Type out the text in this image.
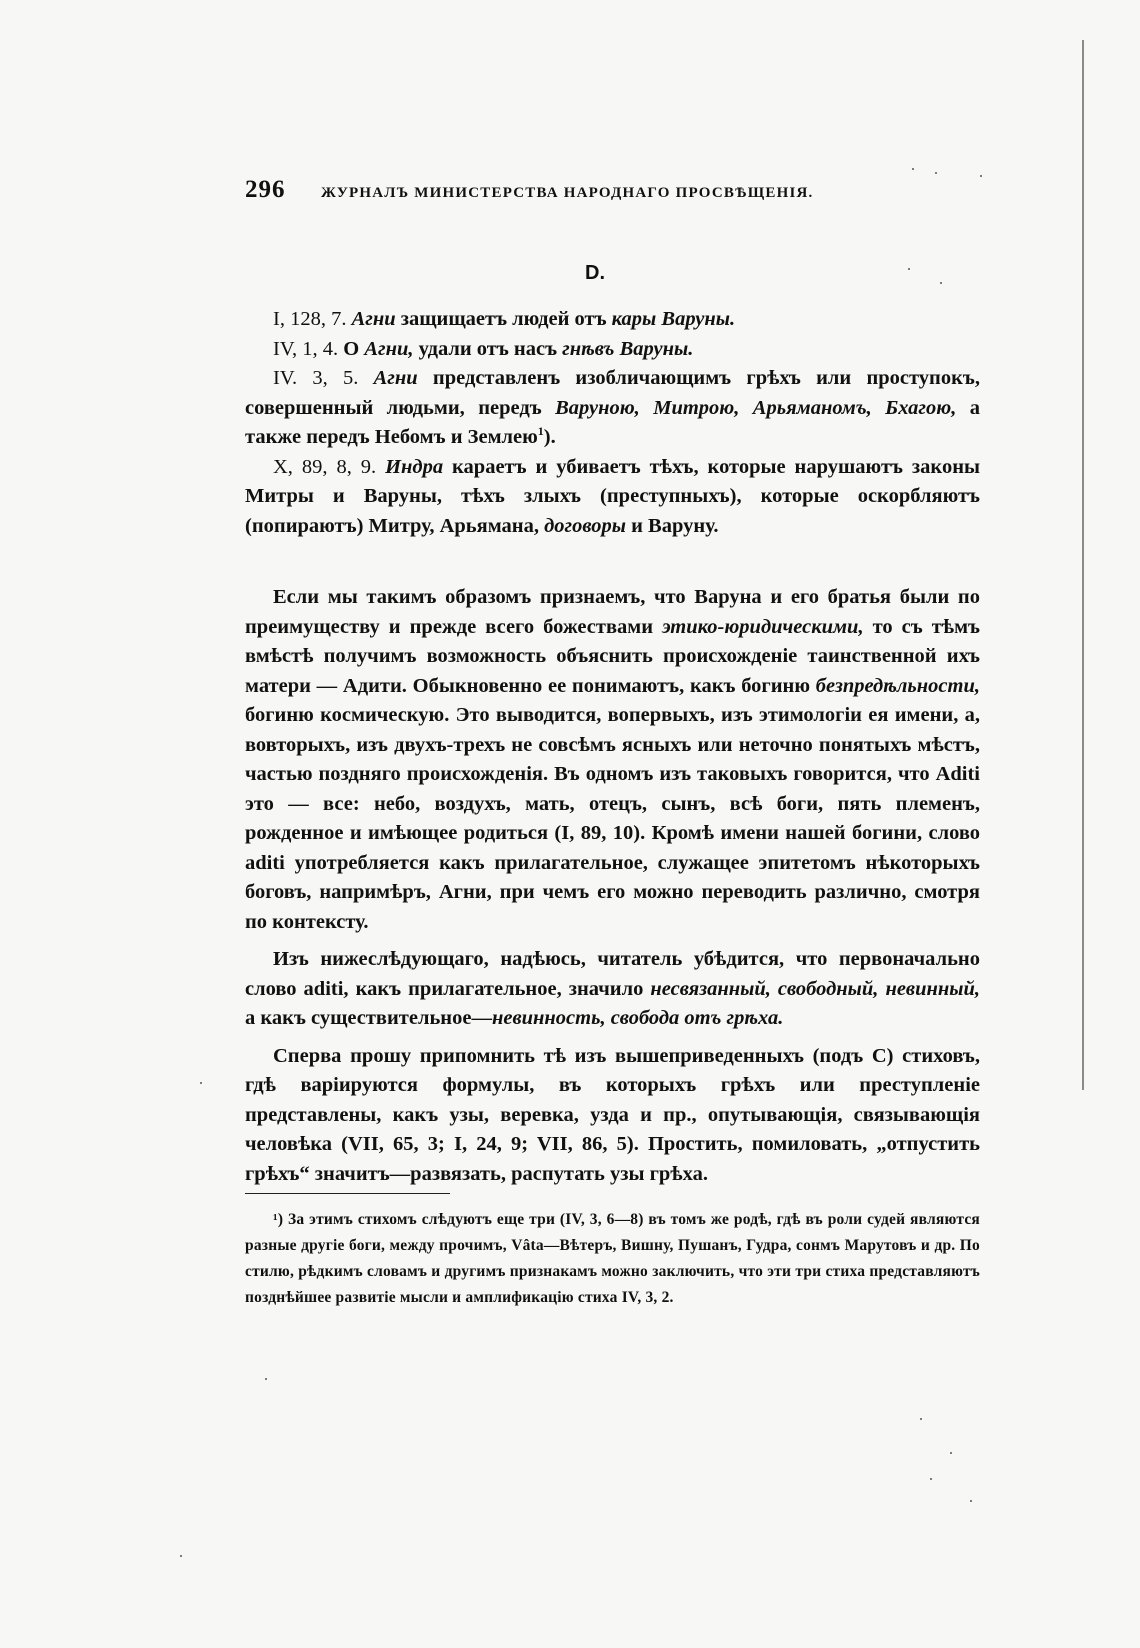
296	ЖУРНАЛЪ МИНИСТЕРСТВА НАРОДНАГО ПРОСВѢЩЕНІЯ.
D.

I, 128, 7. Агни защищаетъ людей отъ кары Варуны.

IV, 1, 4. О Агни, удали отъ насъ гнѣвъ Варуны.

IV. 3, 5. Агни представленъ изобличающимъ грѣхъ или проступокъ, совершенный людьми, передъ Варуною, Митрою, Арьяманомъ, Бхагою, а также передъ Небомъ и Землею$^1$).

X, 89, 8, 9. Индра караетъ и убиваетъ тѣхъ, которые нарушаютъ законы Митры и Варуны, тѣхъ злыхъ (преступныхъ), которые оскорбляютъ (попираютъ) Митру, Арьямана, договоры и Варуну.

Если мы такимъ образомъ признаемъ, что Варуна и его братья были по преимуществу и прежде всего божествами этико-юридическими, то съ тѣмъ вмѣстѣ получимъ возможность объяснить происхожденіе таинственной ихъ матери — Адити. Обыкновенно ее понимаютъ, какъ богиню безпредѣльности, богиню космическую. Это выводится, вопервыхъ, изъ этимологіи ея имени, а, вовторыхъ, изъ двухъ-трехъ не совсѣмъ ясныхъ или неточно понятыхъ мѣстъ, частью поздняго происхожденія. Въ одномъ изъ таковыхъ говорится, что Aditi это — все: небо, воздухъ, мать, отецъ, сынъ, всѣ боги, пять племенъ, рожденное и имѣющее родиться (I, 89, 10). Кромѣ имени нашей богини, слово aditi употребляется какъ прилагательное, служащее эпитетомъ нѣкоторыхъ боговъ, напримѣръ, Агни, при чемъ его можно переводить различно, смотря по контексту.

Изъ нижеслѣдующаго, надѣюсь, читатель убѣдится, что первоначально слово aditi, какъ прилагательное, значило несвязанный, свободный, невинный, а какъ существительное—невинность, свобода отъ грѣха.

Сперва прошу припомнить тѣ изъ вышеприведенныхъ (подъ C) стиховъ, гдѣ варіируются формулы, въ которыхъ грѣхъ или преступленіе представлены, какъ узы, веревка, узда и пр., опутывающія, связывающія человѣка (VII, 65, 3; I, 24, 9; VII, 86, 5). Простить, помиловать, „отпустить грѣхъ“ значитъ—развязать, распутать узы грѣха.

¹) За этимъ стихомъ слѣдуютъ еще три (IV, 3, 6—8) въ томъ же родѣ, гдѣ въ роли судей являются разные другіе боги, между прочимъ, Vâta—Вѣтеръ, Вишну, Пушанъ, Гудра, сонмъ Марутовъ и др. По стилю, рѣдкимъ словамъ и другимъ признакамъ можно заключить, что эти три стиха представляютъ позднѣйшее развитіе мысли и амплификацію стиха IV, 3, 2.
